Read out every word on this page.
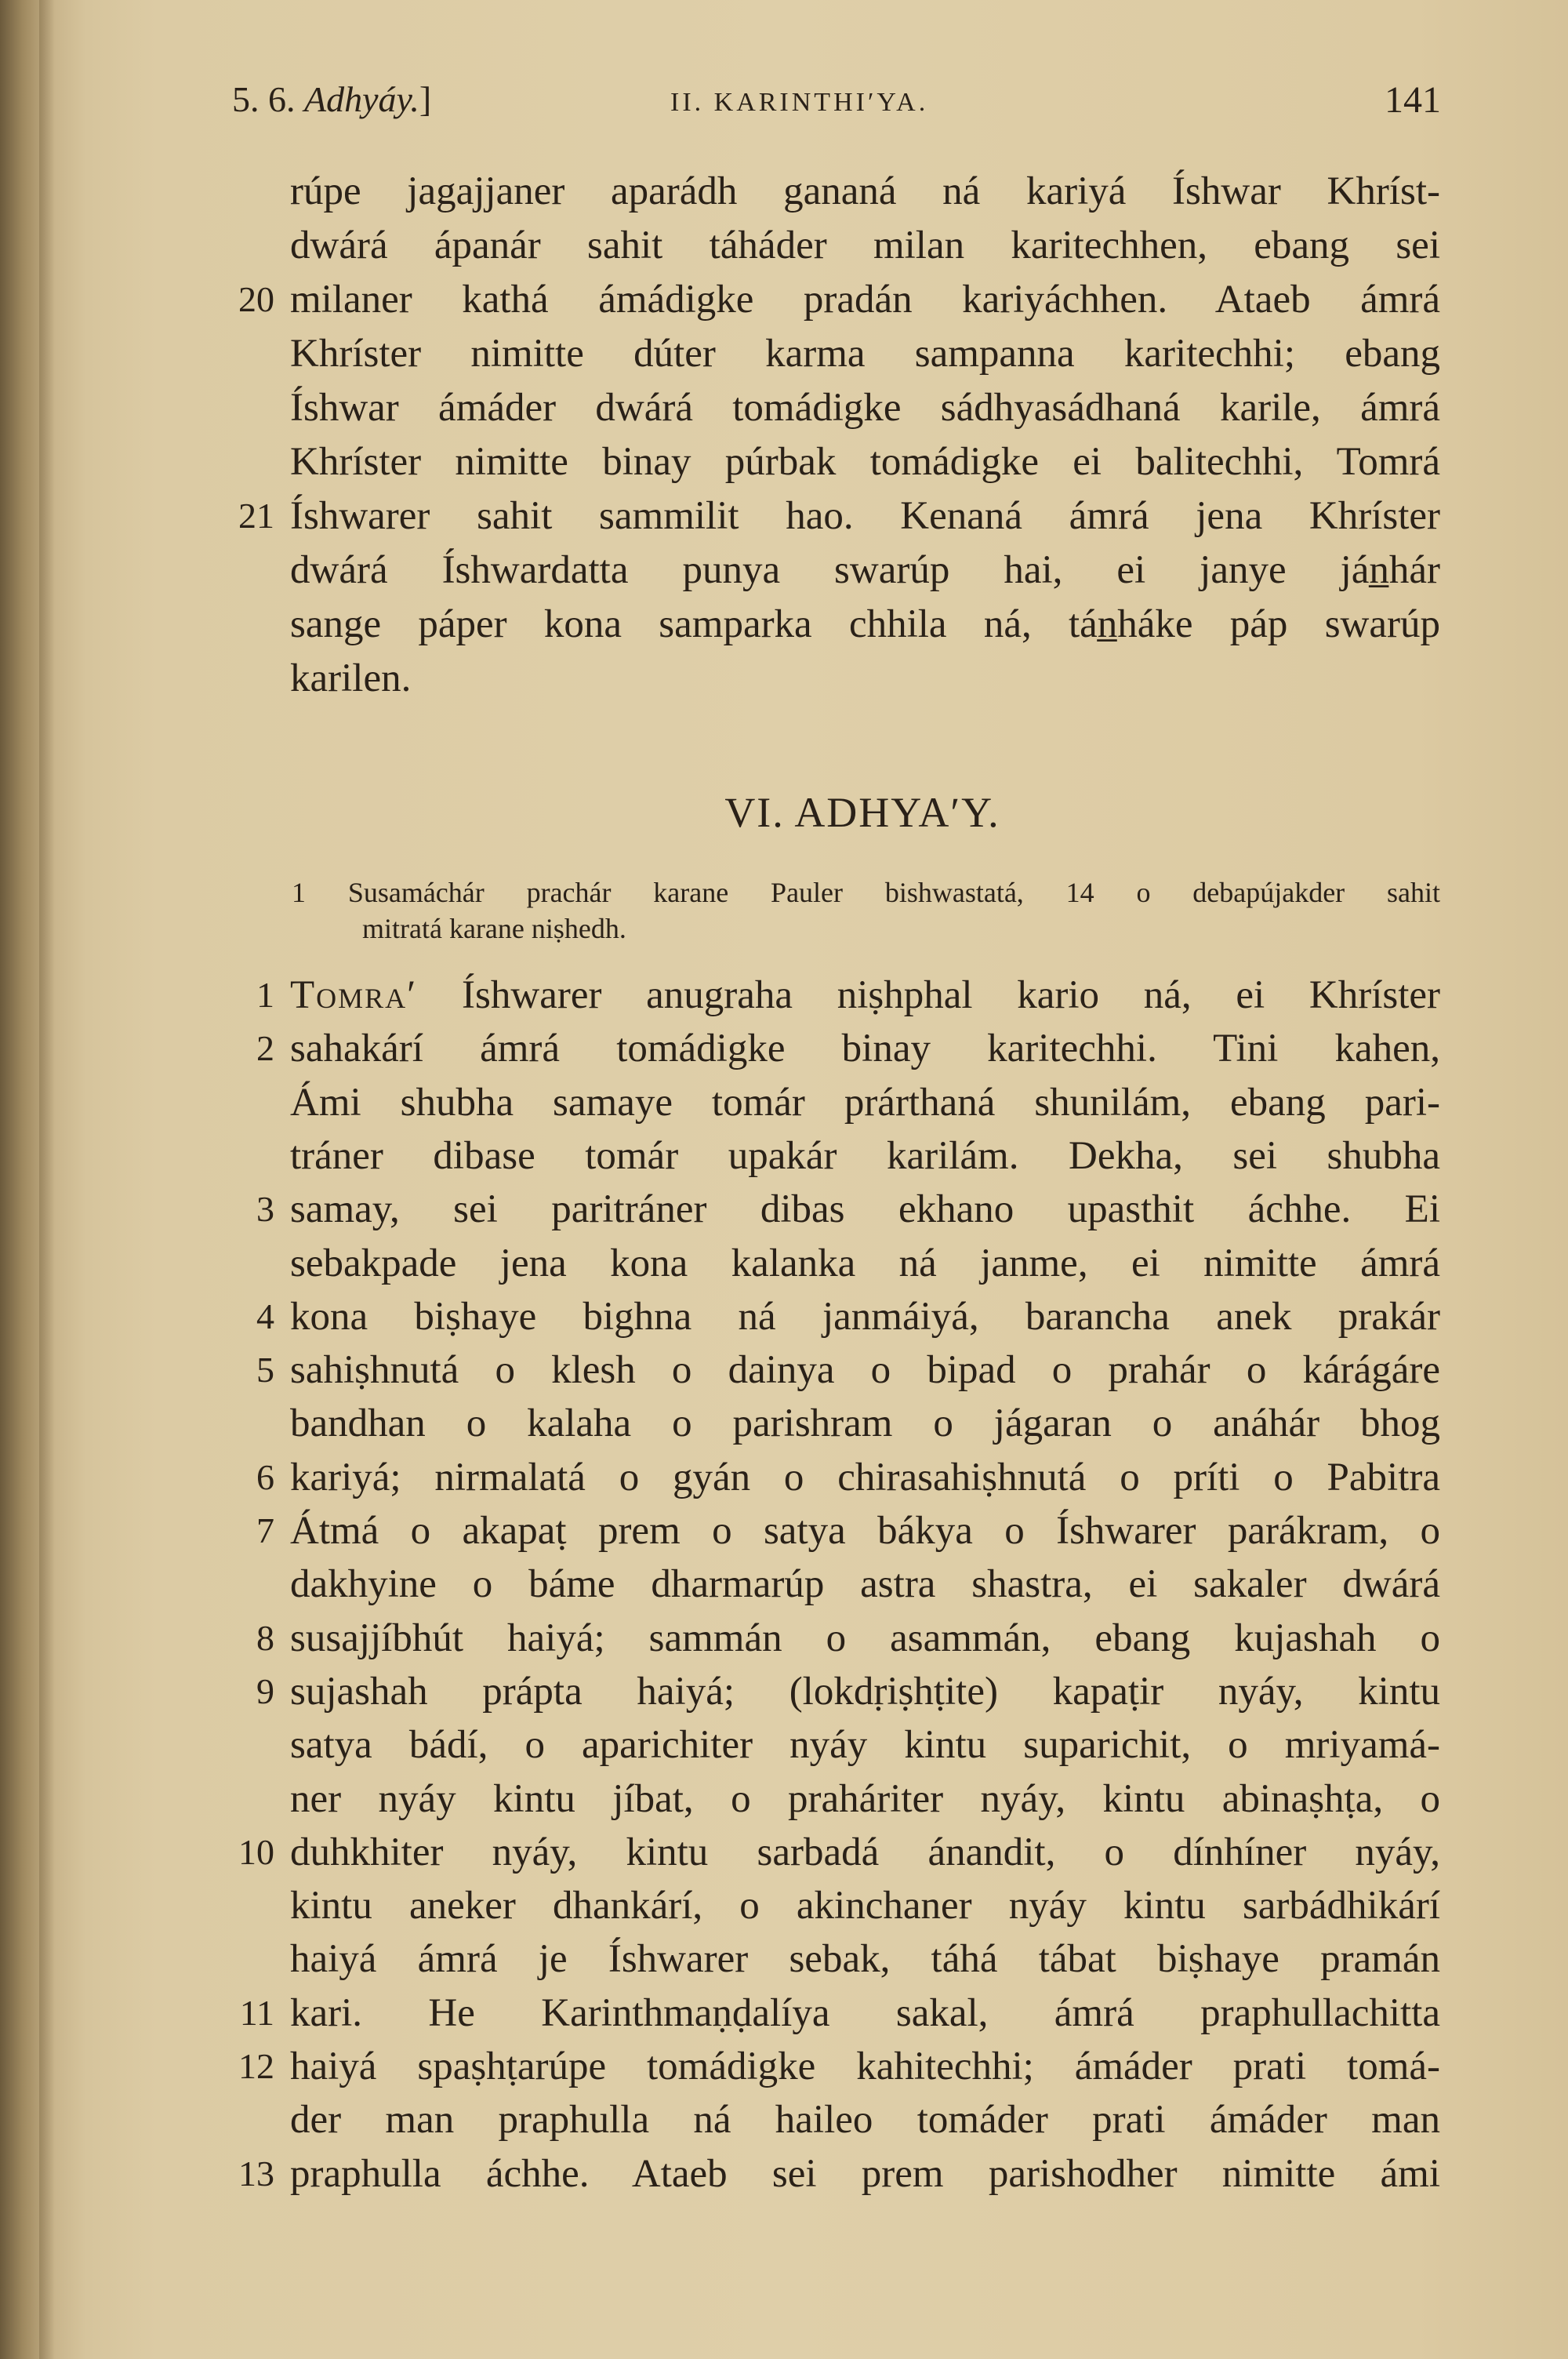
5. 6. Adhyáy.]	II. KARINTHI′YA.	141
rúpe jagajjaner aparádh gananá ná kariyá Íshwar Khríst-
dwárá ápanár sahit táháder milan karitechhen, ebang sei
20 milaner kathá ámádigke pradán kariyáchhen. Ataeb ámrá
Khríster nimitte dúter karma sampanna karitechhi; ebang
Íshwar ámáder dwárá tomádigke sádhyasádhaná karile, ámrá
Khríster nimitte binay púrbak tomádigke ei balitechhi, Tomrá
21 Íshwarer sahit sammilit hao. Kenaná ámrá jena Khríster
dwárá Íshwardatta punya swarúp hai, ei janye ján̲hár
sange páper kona samparka chhila ná, tán̲háke páp swarúp
karilen.
VI. ADHYA′Y.
1 Susamáchár prachár karane Pauler bishwastatá, 14 o debapújakder sahit
mitratá karane niṣhedh.
1 Tomra′ Íshwarer anugraha niṣhphal kario ná, ei Khríster
2 sahakárí ámrá tomádigke binay karitechhi. Tini kahen,
Ámi shubha samaye tomár prárthaná shunilám, ebang pari-
tráner dibase tomár upakár karilám. Dekha, sei shubha
3 samay, sei paritráner dibas ekhano upasthit áchhe. Ei
sebakpade jena kona kalanka ná janme, ei nimitte ámrá
4 kona biṣhaye bighna ná janmáiyá, barancha anek prakár
5 sahiṣhnutá o klesh o dainya o bipad o prahár o kárágáre
bandhan o kalaha o parishram o jágaran o anáhár bhog
6 kariyá; nirmalatá o gyán o chirasahiṣhnutá o príti o Pabitra
7 Átmá o akapaṭ prem o satya bákya o Íshwarer parákram, o
dakhyine o báme dharmarúp astra shastra, ei sakaler dwárá
8 susajjíbhút haiyá; sammán o asammán, ebang kujashah o
9 sujashah prápta haiyá; (lokdṛiṣhṭite) kapaṭir nyáy, kintu
satya bádí, o aparichiter nyáy kintu suparichit, o mriyamá-
ner nyáy kintu jíbat, o prahárit‌er nyáy, kintu abinaṣhṭa, o
10 duhkhiter nyáy, kintu sarbadá ánandit, o dínhíner nyáy,
kintu aneker dhankárí, o akinchaner nyáy kintu sarbádhikárí
haiyá ámrá je Íshwarer sebak, táhá tábat biṣhaye pramán
11 kari. He Karinthmaṇḍalíya sakal, ámrá praphullachitta
12 haiyá spaṣhṭarúpe tomádigke kahitechhi; ámáder prati tomá-
der man praphulla ná haileo tomáder prati ámáder man
13 praphulla áchhe. Ataeb sei prem parishodher nimitte ámi
